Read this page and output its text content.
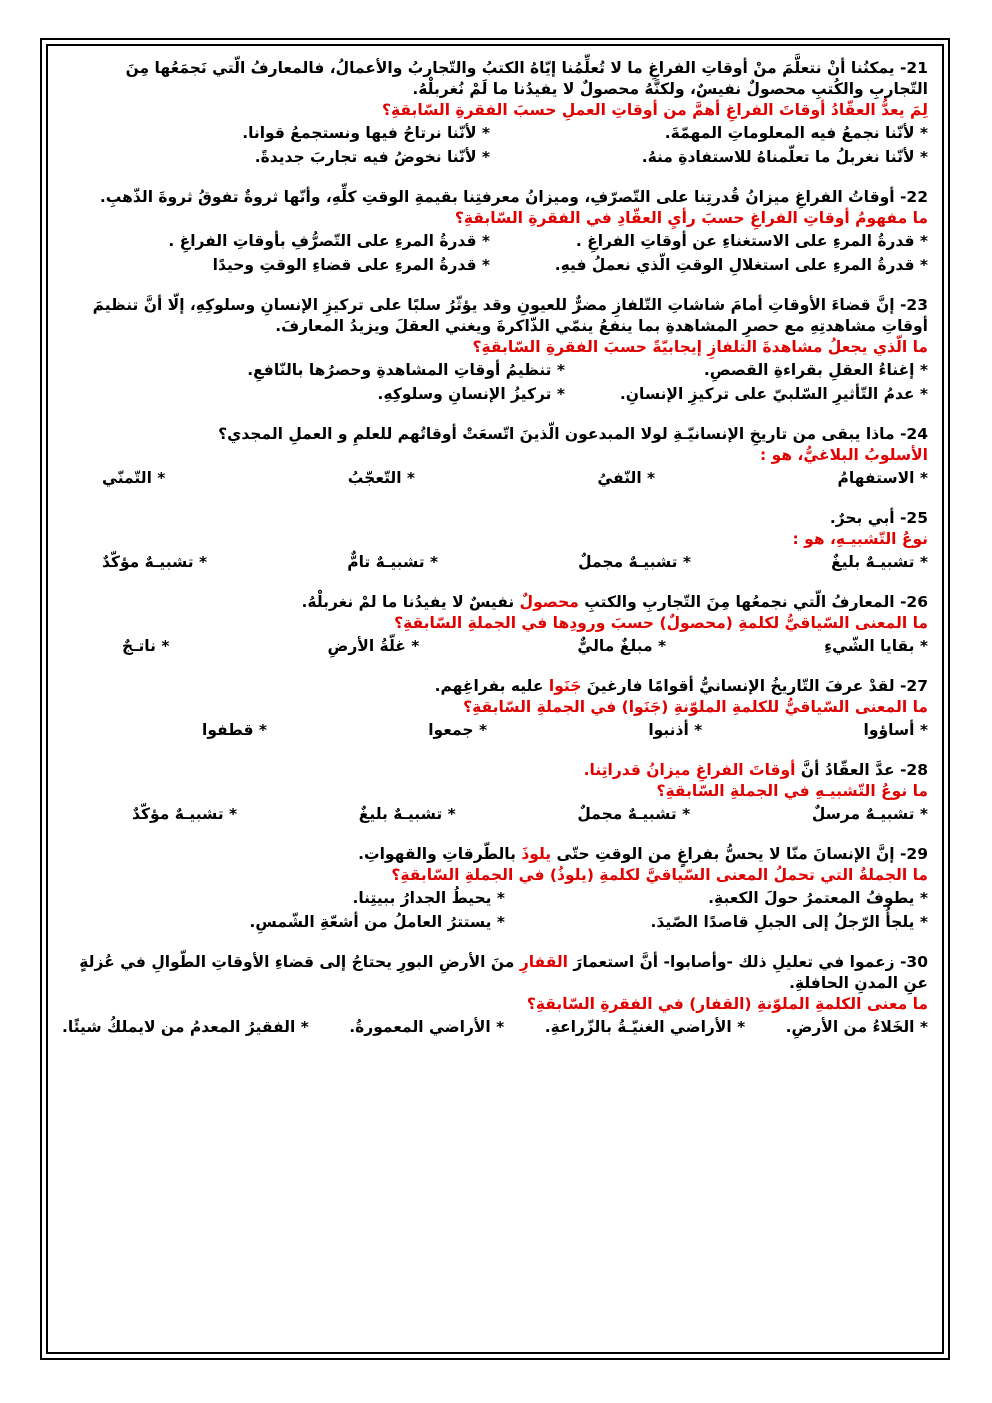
21- يمكنُنا أنْ نتعلَّمَ منْ أوقاتِ الفراغِ ما لا تُعلِّمُنا إيّاهُ الكتبُ والتّجاربُ والأعمالُ، فالمعارفُ الّتي نَجمَعُها مِنَ التّجاربِ والكُتبِ محصولٌ نفيسٌ، ولكنَّهُ محصولٌ لا يفيدُنا ما لَمْ نُغربلْهُ.
لِمَ يعدُّ العقّادُ أوقاتَ الفراغِ أهمَّ من أوقاتِ العملِ حسبَ الفقرةِ السّابقةِ؟
* لأنّنا نجمعُ فيه المعلوماتِ المهمّةَ.
* لأنّنا نرتاحُ فيها ونستجمعُ قوانا.
* لأنّنا نغربلُ ما تعلّمناهُ للاستفادةِ منهُ.
* لأنّنا نخوضُ فيه تجاربَ جديدةً.
22- أوقاتُ الفراغِ ميزانُ قُدرتِنا على التّصرّفِ، وميزانُ معرفتِنا بقيمةِ الوقتِ كلِّهِ، وأنّها ثروةٌ تفوقُ ثروةَ الذّهبِ.
ما مفهومُ أوقاتِ الفراغِ حسبَ رأيِ العقّادِ في الفقرةِ السّابقةِ؟
* قدرةُ المرءِ على الاستغناءِ عن أوقاتِ الفراغِ .
* قدرةُ المرءِ على التّصرُّفِ بأوقاتِ الفراغِ .
* قدرةُ المرءِ على استغلالِ الوقتِ الّذي نعملُ فيهِ.
* قدرةُ المرءِ على قضاءِ الوقتِ وحيدًا
23- إنَّ قضاءَ الأوقاتِ أمامَ شاشاتِ التّلفازِ مضرٌّ للعيونِ وقد يؤثّرُ سلبًا على تركيزِ الإنسانِ وسلوكِهِ، إلّا أنَّ تنظيمَ أوقاتِ مشاهدتِهِ مع حصرِ المشاهدةِ بما ينفعُ ينمّي الذّاكرةَ ويغني العقلَ ويزيدُ المعارفَ.
ما الّذي يجعلُ مشاهدةَ التلفازِ إيجابيّةً حسبَ الفقرةِ السّابقةِ؟
* إغناءُ العقلِ بقراءةِ القصصِ.
* تنظيمُ أوقاتِ المشاهدةِ وحصرُها بالنّافعِ.
* عدمُ التّأثيرِ السّلبيّ على تركيزِ الإنسانِ.
* تركيزُ الإنسانِ وسلوكِهِ.
24- ماذا يبقى من تاريخِ الإنسانيّـةِ لولا المبدعون الّذينَ اتّسعَتْ أوقاتُهم للعلمِ و العملِ المجدي؟
الأسلوبُ البلاغيُّ، هو :
* الاستفهامُ
* النّفيُ
* التّعجّبُ
* التّمنّي
25- أبي بحرٌ.
نوعُ التّشبيـهِ، هو :
* تشبيـهٌ بليغٌ
* تشبيـهٌ مجملٌ
* تشبيـهٌ تامٌّ
* تشبيـهٌ مؤكّدٌ
26- المعارفُ الّتي نجمعُها مِنَ التّجاربِ والكتبِ محصولٌ نفيسٌ لا يفيدُنا ما لمْ نغربلْهُ.
ما المعنى السّياقيُّ لكلمةِ (محصولٌ) حسبَ ورودِها في الجملةِ السّابقةِ؟
* بقايا الشّيءِ
* مبلغٌ ماليٌّ
* غلّةُ الأرضِ
* ناتـجٌ
27- لقدْ عرفَ التّاريخُ الإنسانيُّ أقوامًا فارغينَ جَنَوا عليه بفراغِهم.
ما المعنى السّياقيُّ للكلمةِ الملوّنةِ (جَنَوا) في الجملةِ السّابقةِ؟
* أساؤوا
* أذنبوا
* جمعوا
* قطفوا
28- عدَّ العقّادُ أنَّ أوقاتَ الفراغِ ميزانُ قدراتِنا.
ما نوعُ التّشبيـهِ في الجملةِ السّابقةِ؟
* تشبيـهٌ مرسلٌ
* تشبيـهٌ مجملٌ
* تشبيـهٌ بليغٌ
* تشبيـهٌ مؤكّدٌ
29- إنَّ الإنسانَ منّا لا يحسُّ بفراغٍ من الوقتِ حتّى يلوذَ بالطّرقاتِ والقهواتِ.
ما الجملةُ التي تحملُ المعنى السّياقيَّ لكلمةِ (يلوذُ) في الجملةِ السّابقةِ؟
* يطوفُ المعتمرُ حولَ الكعبةِ.
* يحيطُ الجدارُ ببيتِنا.
* يلجأُ الرّجلُ إلى الجبلِ قاصدًا الصّيدَ.
* يستترُ العاملُ من أشعّةِ الشّمسِ.
30- زعموا في تعليلِ ذلك -وأصابوا- أنَّ استعمارَ القفارِ منَ الأرضِ البورِ يحتاجُ إلى قضاءِ الأوقاتِ الطّوالِ في عُزلةٍ عنِ المدنِ الحافلةِ.
ما معنى الكلمةِ الملوّنةِ (القفار) في الفقرةِ السّابقةِ؟
* الخَلاءُ من الأرضِ.
* الأراضي الغنيّـةُ بالزّراعةِ.
* الأراضي المعمورةُ.
* الفقيرُ المعدمُ من لايملكُ شيئًا.
